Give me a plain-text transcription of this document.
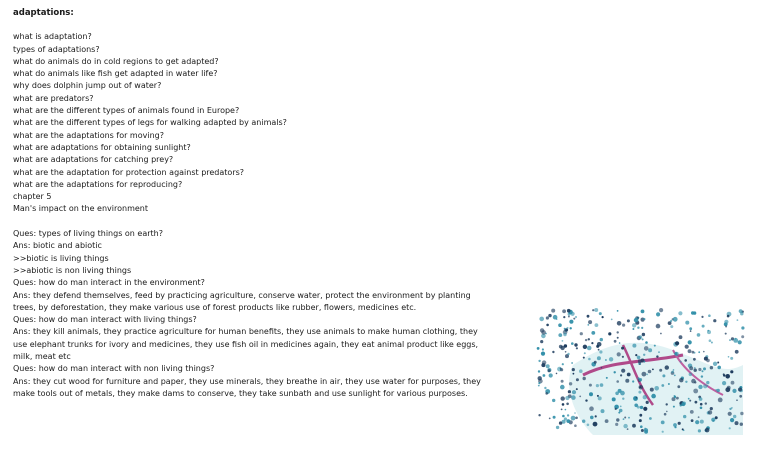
adaptations:
what is adaptation?
types of adaptations?
what do animals do in cold regions to get adapted?
what do animals like fish get adapted in water life?
why does dolphin jump out of water?
what are predators?
what are the different types of animals found in Europe?
what are the different types of legs for walking adapted by animals?
what are the adaptations for moving?
what are adaptations for obtaining sunlight?
what are adaptations for catching prey?
what are the adaptation for protection against predators?
what are the adaptations for reproducing?
chapter 5
Man's impact on the environment
Ques: types of living things on earth?
Ans: biotic and abiotic
>>biotic is living things
>>abiotic is non living things
Ques: how do man interact in the environment?
Ans: they defend themselves, feed by practicing agriculture, conserve water, protect the environment by planting trees, by deforestation, they make various use of forest products like rubber, flowers, medicines etc.
Ques: how do man interact with living things?
Ans: they kill animals, they practice agriculture for human benefits, they use animals to make human clothing, they use elephant trunks for ivory and medicines, they use fish oil in medicines again, they eat animal product like eggs, milk, meat etc
Ques: how do man interact with non living things?
Ans: they cut wood for furniture and paper, they use minerals, they breathe in air, they use water for purposes, they make tools out of metals, they make dams to conserve, they take sunbath and use sunlight for various purposes.
